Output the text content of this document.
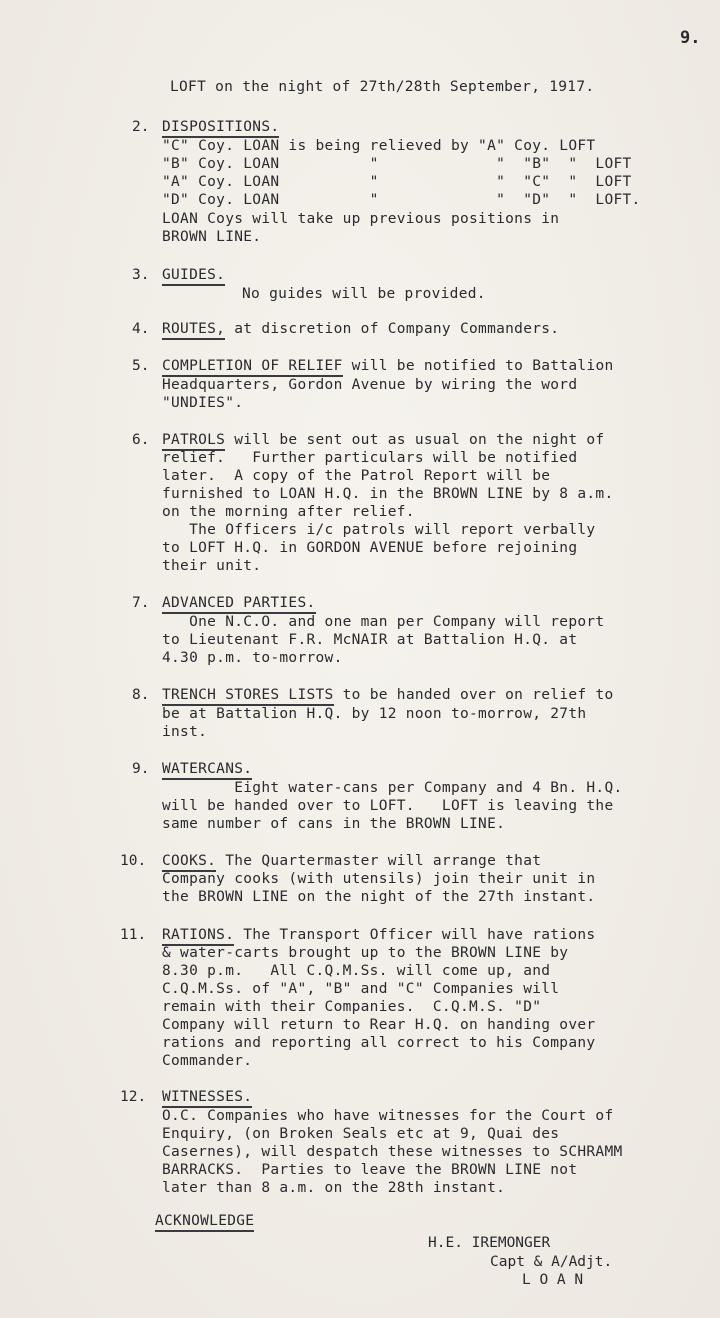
9.
LOFT on the night of 27th/28th September, 1917.
2. DISPOSITIONS.
"C" Coy. LOAN is being relieved by "A" Coy. LOFT
"B" Coy. LOAN          "             "  "B"  "  LOFT
"A" Coy. LOAN          "             "  "C"  "  LOFT
"D" Coy. LOAN          "             "  "D"  "  LOFT.
LOAN Coys will take up previous positions in
BROWN LINE.
3. GUIDES.
No guides will be provided.
4. ROUTES, at discretion of Company Commanders.
5. COMPLETION OF RELIEF will be notified to Battalion
Headquarters, Gordon Avenue by wiring the word
"UNDIES".
6. PATROLS will be sent out as usual on the night of
relief.   Further particulars will be notified
later.  A copy of the Patrol Report will be
furnished to LOAN H.Q. in the BROWN LINE by 8 a.m.
on the morning after relief.
The Officers i/c patrols will report verbally
to LOFT H.Q. in GORDON AVENUE before rejoining
their unit.
7. ADVANCED PARTIES.
One N.C.O. and one man per Company will report
to Lieutenant F.R. McNAIR at Battalion H.Q. at
4.30 p.m. to-morrow.
8. TRENCH STORES LISTS to be handed over on relief to
be at Battalion H.Q. by 12 noon to-morrow, 27th
inst.
9. WATERCANS.
Eight water-cans per Company and 4 Bn. H.Q.
will be handed over to LOFT.   LOFT is leaving the
same number of cans in the BROWN LINE.
10. COOKS. The Quartermaster will arrange that
Company cooks (with utensils) join their unit in
the BROWN LINE on the night of the 27th instant.
11. RATIONS. The Transport Officer will have rations
& water-carts brought up to the BROWN LINE by
8.30 p.m.   All C.Q.M.Ss. will come up, and
C.Q.M.Ss. of "A", "B" and "C" Companies will
remain with their Companies.  C.Q.M.S. "D"
Company will return to Rear H.Q. on handing over
rations and reporting all correct to his Company
Commander.
12. WITNESSES.
O.C. Companies who have witnesses for the Court of
Enquiry, (on Broken Seals etc at 9, Quai des
Casernes), will despatch these witnesses to SCHRAMM
BARRACKS.  Parties to leave the BROWN LINE not
later than 8 a.m. on the 28th instant.
ACKNOWLEDGE
H.E. IREMONGER
Capt & A/Adjt.
L O A N
